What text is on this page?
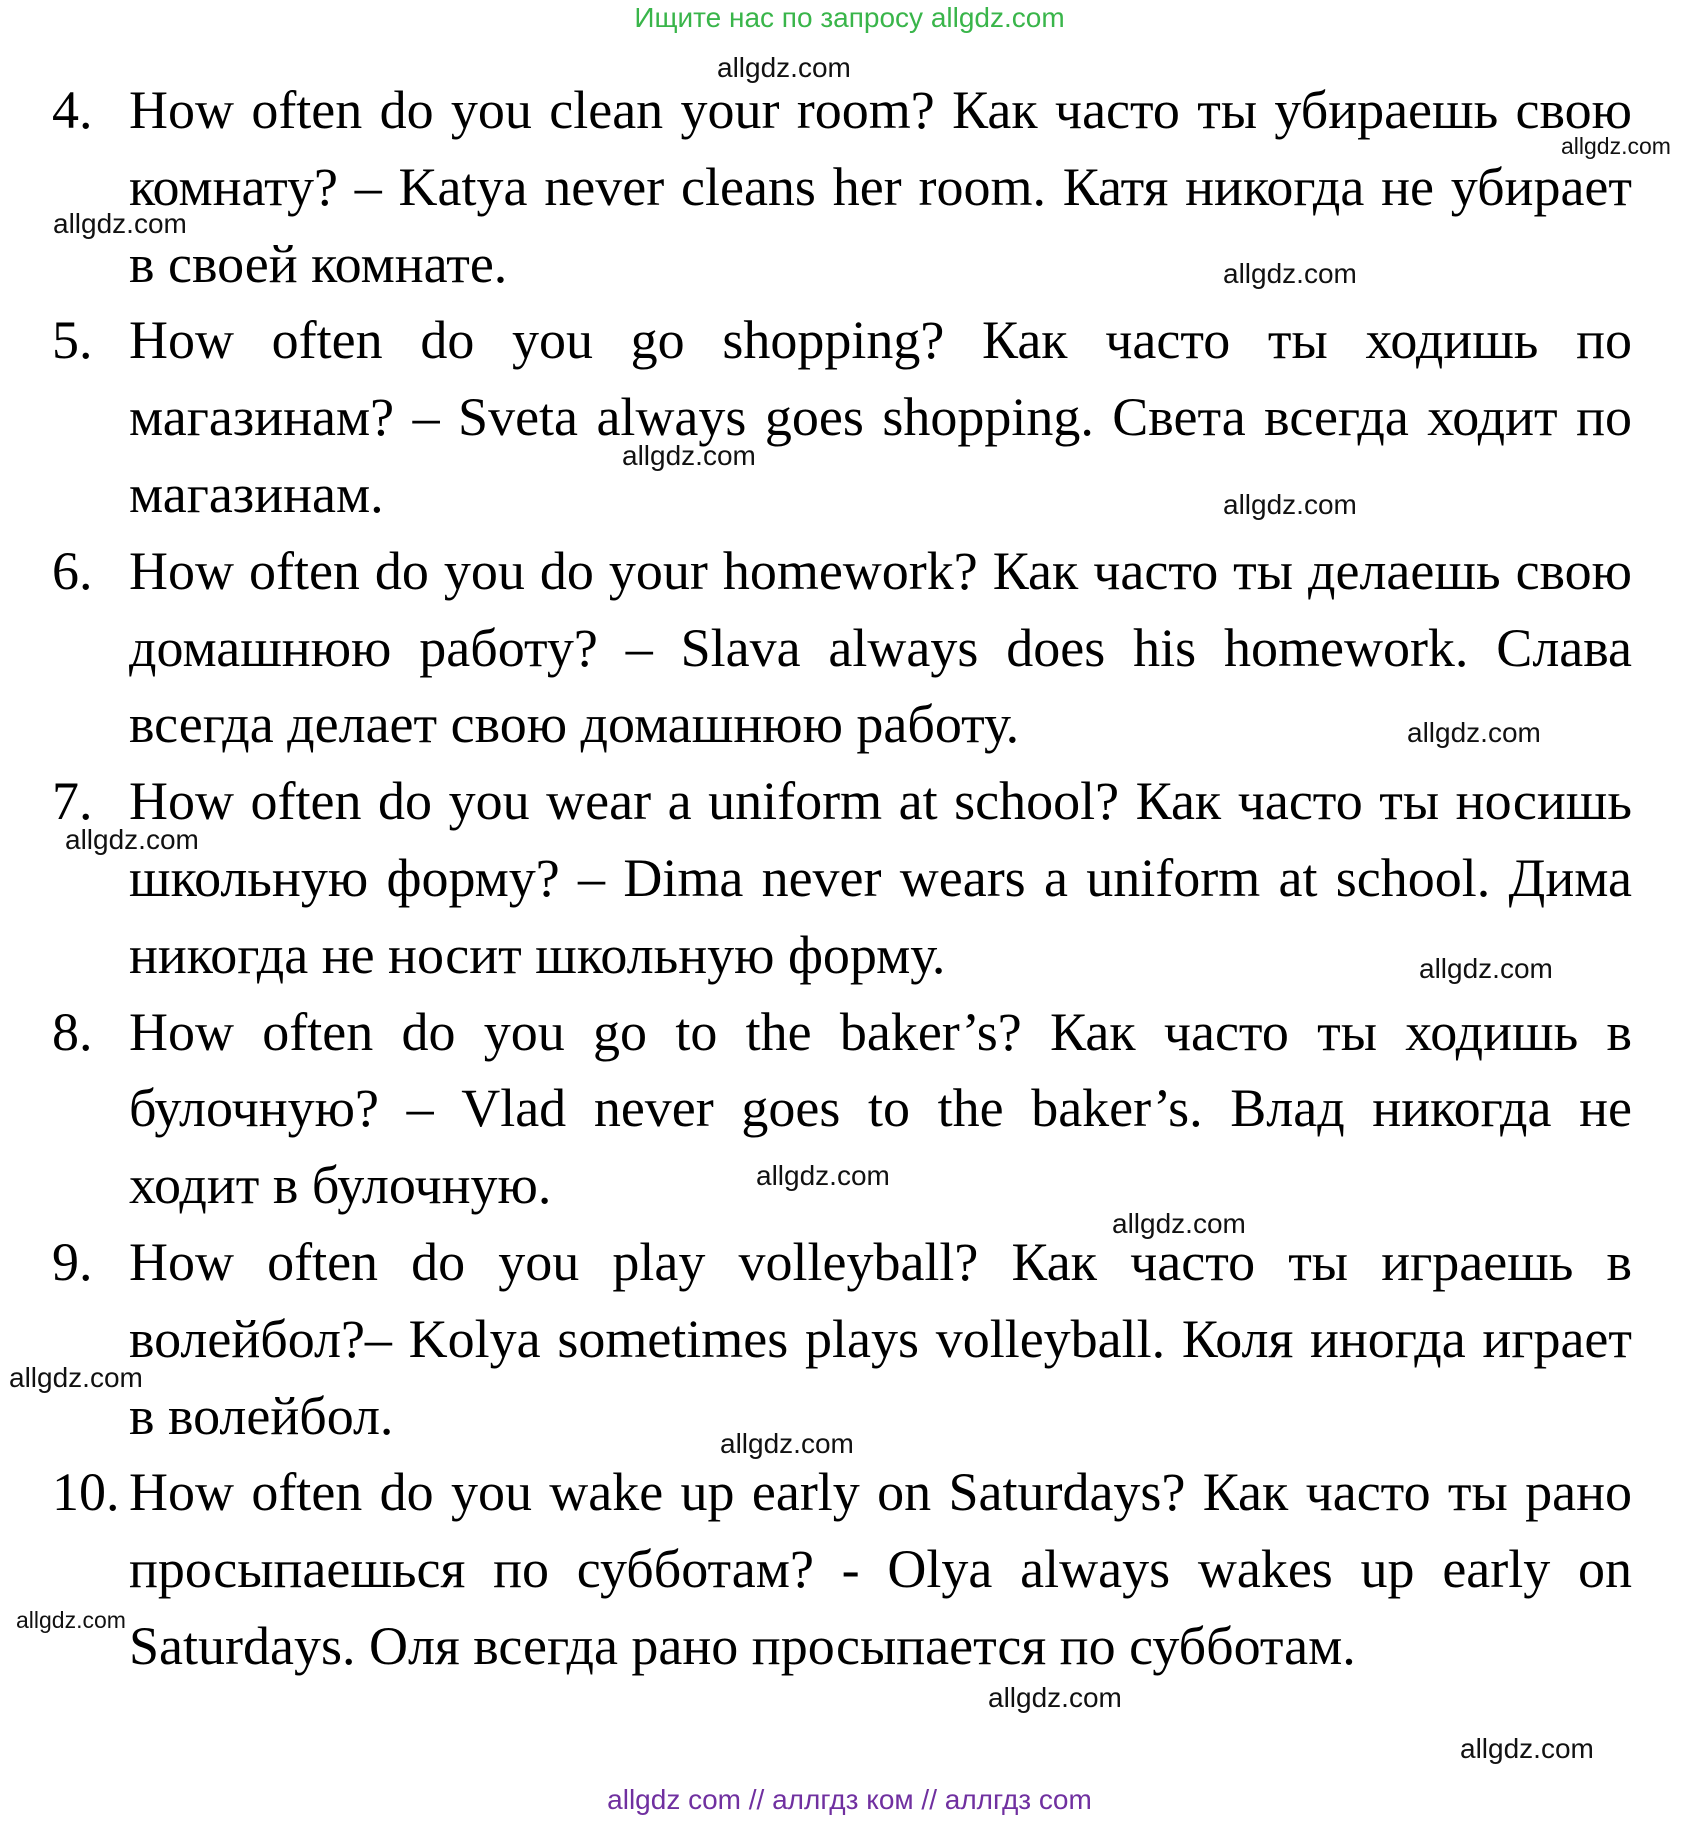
Ищите нас по запросу allgdz.com
4. How often do you clean your room? Как часто ты убираешь свою комнату? – Katya never cleans her room. Катя никогда не убирает в своей комнате.
5. How often do you go shopping? Как часто ты ходишь по магазинам? – Sveta always goes shopping. Света всегда ходит по магазинам.
6. How often do you do your homework? Как часто ты делаешь свою домашнюю работу? – Slava always does his homework. Слава всегда делает свою домашнюю работу.
7. How often do you wear a uniform at school? Как часто ты носишь школьную форму? – Dima never wears a uniform at school. Дима никогда не носит школьную форму.
8. How often do you go to the baker’s? Как часто ты ходишь в булочную? – Vlad never goes to the baker’s. Влад никогда не ходит в булочную.
9. How often do you play volleyball? Как часто ты играешь в волейбол?– Kolya sometimes plays volleyball. Коля иногда играет в волейбол.
10. How often do you wake up early on Saturdays? Как часто ты рано просыпаешься по субботам? - Olya always wakes up early on Saturdays. Оля всегда рано просыпается по субботам.
allgdz.com
allgdz.com
allgdz.com
allgdz.com
allgdz.com
allgdz.com
allgdz.com
allgdz.com
allgdz.com
allgdz.com
allgdz.com
allgdz.com
allgdz.com
allgdz.com
allgdz.com
allgdz.com
allgdz com // аллгдз ком // аллгдз com
